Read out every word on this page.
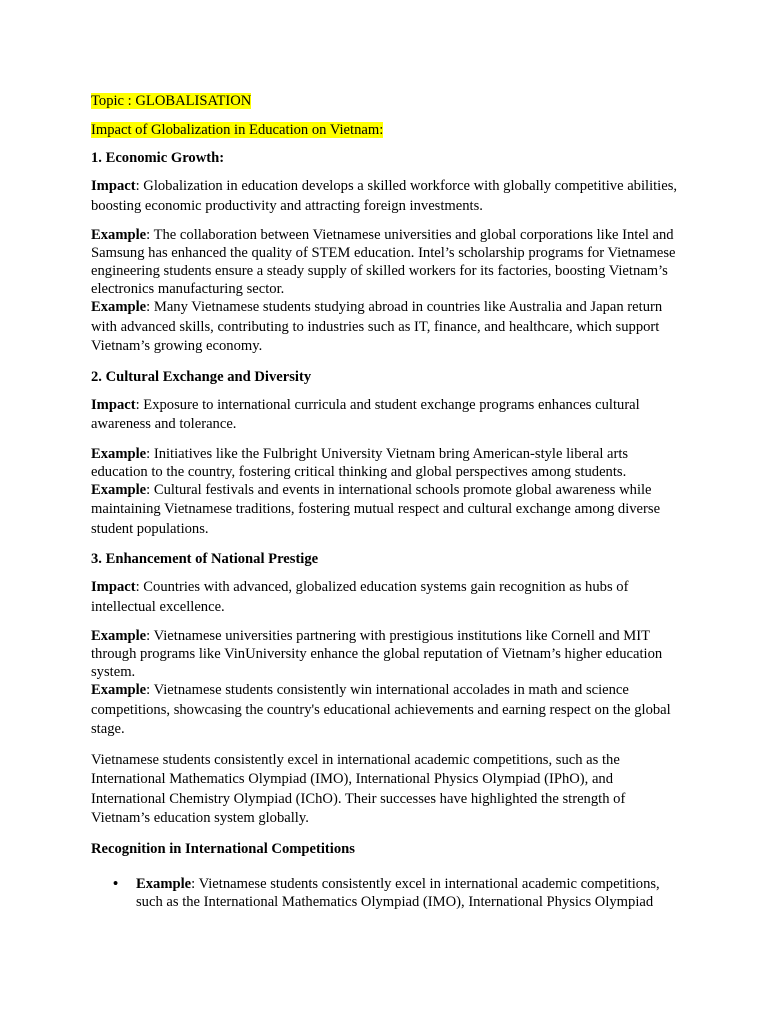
Topic : GLOBALISATION

Impact of Globalization in Education on Vietnam:

1. Economic Growth:

Impact: Globalization in education develops a skilled workforce with globally competitive abilities, boosting economic productivity and attracting foreign investments.

Example: The collaboration between Vietnamese universities and global corporations like Intel and Samsung has enhanced the quality of STEM education. Intel’s scholarship programs for Vietnamese engineering students ensure a steady supply of skilled workers for its factories, boosting Vietnam’s electronics manufacturing sector.

Example: Many Vietnamese students studying abroad in countries like Australia and Japan return with advanced skills, contributing to industries such as IT, finance, and healthcare, which support Vietnam’s growing economy.

2. Cultural Exchange and Diversity

Impact: Exposure to international curricula and student exchange programs enhances cultural awareness and tolerance.

Example: Initiatives like the Fulbright University Vietnam bring American-style liberal arts education to the country, fostering critical thinking and global perspectives among students.

Example: Cultural festivals and events in international schools promote global awareness while maintaining Vietnamese traditions, fostering mutual respect and cultural exchange among diverse student populations.

3. Enhancement of National Prestige

Impact: Countries with advanced, globalized education systems gain recognition as hubs of intellectual excellence.

Example: Vietnamese universities partnering with prestigious institutions like Cornell and MIT through programs like VinUniversity enhance the global reputation of Vietnam’s higher education system.

Example: Vietnamese students consistently win international accolades in math and science competitions, showcasing the country's educational achievements and earning respect on the global stage.

Vietnamese students consistently excel in international academic competitions, such as the International Mathematics Olympiad (IMO), International Physics Olympiad (IPhO), and International Chemistry Olympiad (IChO). Their successes have highlighted the strength of Vietnam’s education system globally.

Recognition in International Competitions

• Example: Vietnamese students consistently excel in international academic competitions, such as the International Mathematics Olympiad (IMO), International Physics Olympiad
